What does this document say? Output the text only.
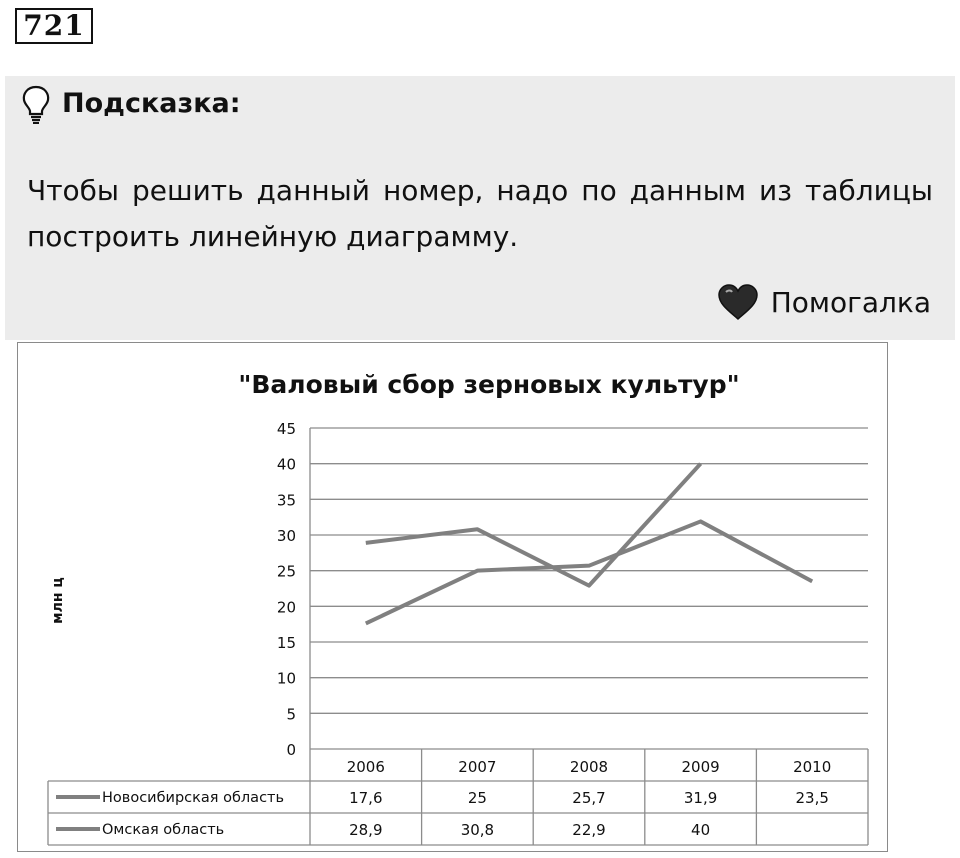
721
Подсказка:
Чтобы решить данный номер, надо по данным из таблицы построить линейную диаграмму.
Помогалка
"Валовый сбор зерновых культур"
0
5
10
15
20
25
30
35
40
45
млн ц
2006	2007	2008	2009	2010
Новосибирская область	17,6	25	25,7	31,9	23,5
Омская область	28,9	30,8	22,9	40
